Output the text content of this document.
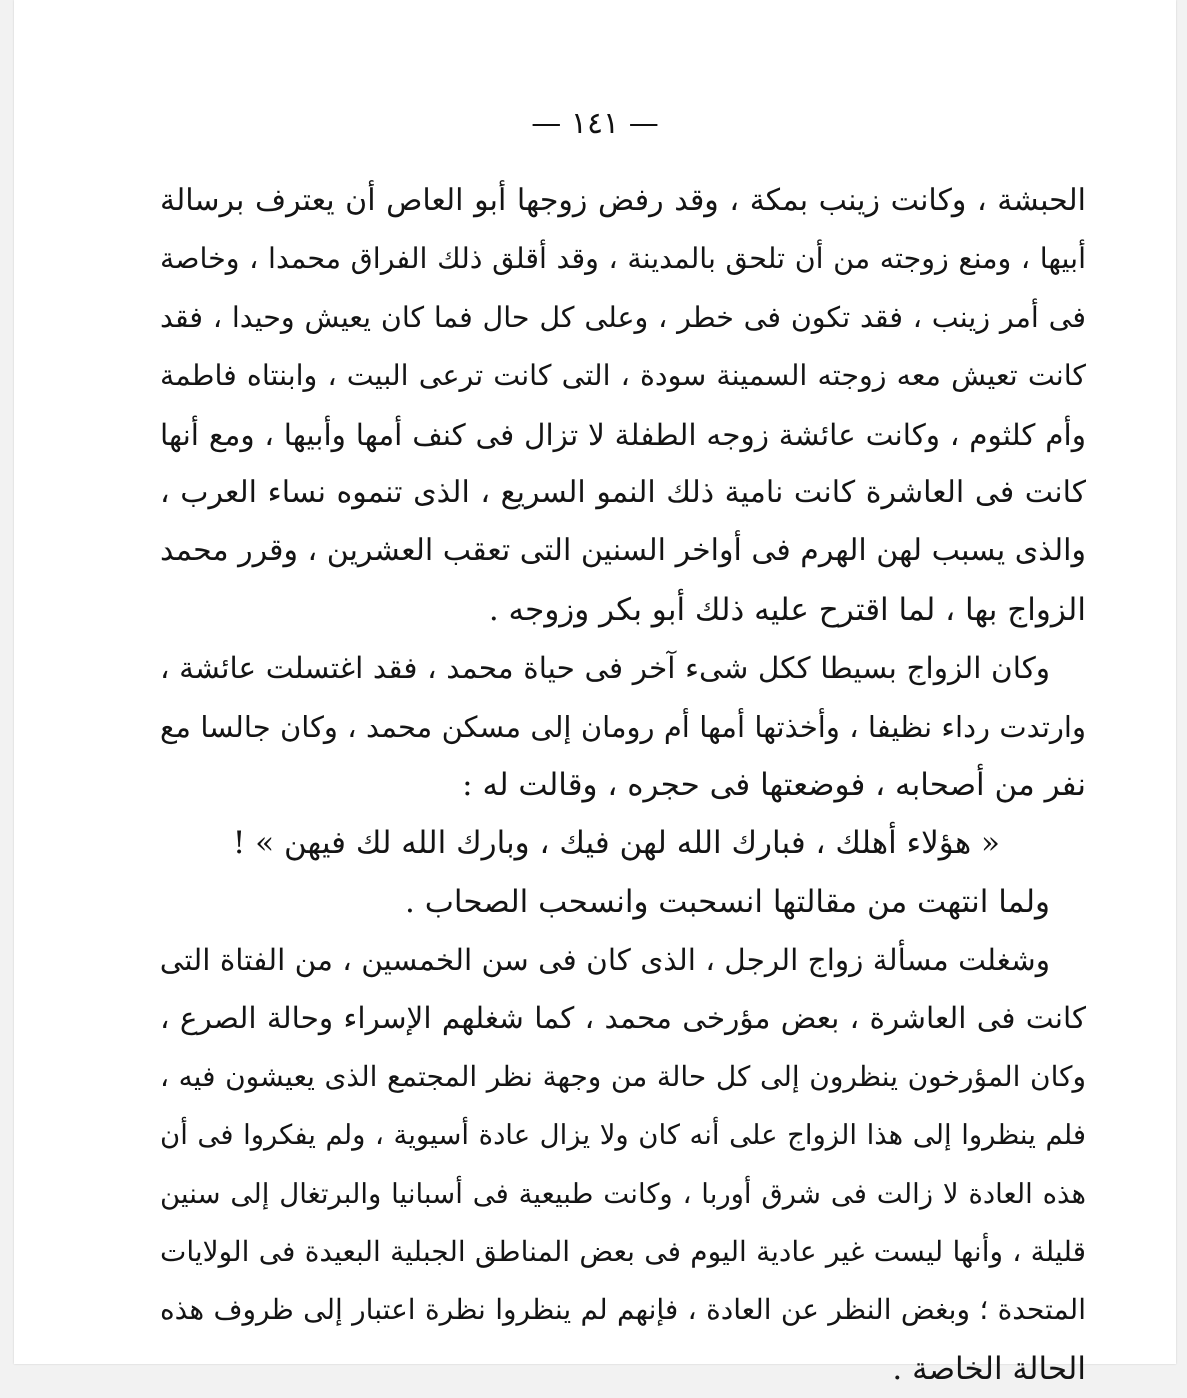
— ١٤١ —
الحبشة ، وكانت زينب بمكة ، وقد رفض زوجها أبو العاص أن يعترف برسالة
أبيها ، ومنع زوجته من أن تلحق بالمدينة ، وقد أقلق ذلك الفراق محمدا ، وخاصة
فى أمر زينب ، فقد تكون فى خطر ، وعلى كل حال فما كان يعيش وحيدا ، فقد
كانت تعيش معه زوجته السمينة سودة ، التى كانت ترعى البيت ، وابنتاه فاطمة
وأم كلثوم ، وكانت عائشة زوجه الطفلة لا تزال فى كنف أمها وأبيها ، ومع أنها
كانت فى العاشرة كانت نامية ذلك النمو السريع ، الذى تنموه نساء العرب ،
والذى يسبب لهن الهرم فى أواخر السنين التى تعقب العشرين ، وقرر محمد
الزواج بها ، لما اقترح عليه ذلك أبو بكر وزوجه .
وكان الزواج بسيطا ككل شىء آخر فى حياة محمد ، فقد اغتسلت عائشة ،
وارتدت رداء نظيفا ، وأخذتها أمها أم رومان إلى مسكن محمد ، وكان جالسا مع
نفر من أصحابه ، فوضعتها فى حجره ، وقالت له :
« هؤلاء أهلك ، فبارك الله لهن فيك ، وبارك الله لك فيهن » !
ولما انتهت من مقالتها انسحبت وانسحب الصحاب .
وشغلت مسألة زواج الرجل ، الذى كان فى سن الخمسين ، من الفتاة التى
كانت فى العاشرة ، بعض مؤرخى محمد ، كما شغلهم الإسراء وحالة الصرع ،
وكان المؤرخون ينظرون إلى كل حالة من وجهة نظر المجتمع الذى يعيشون فيه ،
فلم ينظروا إلى هذا الزواج على أنه كان ولا يزال عادة أسيوية ، ولم يفكروا فى أن
هذه العادة لا زالت فى شرق أوربا ، وكانت طبيعية فى أسبانيا والبرتغال إلى سنين
قليلة ، وأنها ليست غير عادية اليوم فى بعض المناطق الجبلية البعيدة فى الولايات
المتحدة ؛ وبغض النظر عن العادة ، فإنهم لم ينظروا نظرة اعتبار إلى ظروف هذه
الحالة الخاصة .
